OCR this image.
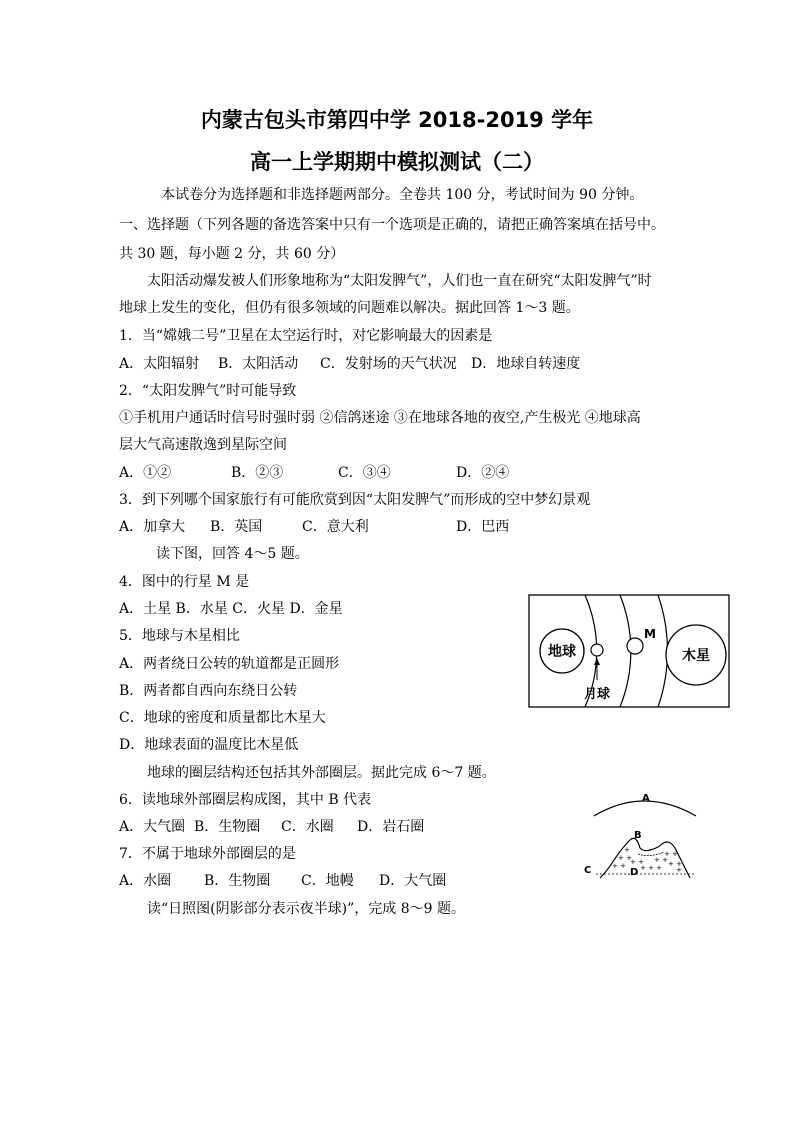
内蒙古包头市第四中学 2018-2019 学年
高一上学期期中模拟测试（二）
本试卷分为选择题和非选择题两部分。全卷共 100 分，考试时间为 90 分钟。
一、选择题（下列各题的备选答案中只有一个选项是正确的，请把正确答案填在括号中。
共 30 题，每小题 2 分，共 60 分）
太阳活动爆发被人们形象地称为“太阳发脾气”，人们也一直在研究“太阳发脾气”时
地球上发生的变化，但仍有很多领域的问题难以解决。据此回答 1～3 题。
1．当“嫦娥二号”卫星在太空运行时，对它影响最大的因素是
A．太阳辐射 B．太阳活动 C．发射场的天气状况 D．地球自转速度
2．“太阳发脾气”时可能导致
①手机用户通话时信号时强时弱 ②信鸽迷途 ③在地球各地的夜空,产生极光 ④地球高
层大气高速散逸到星际空间
A．①②	B．②③	C．③④	D．②④
3．到下列哪个国家旅行有可能欣赏到因“太阳发脾气”而形成的空中梦幻景观
A．加拿大 B．英国	C．意大利	D．巴西
读下图，回答 4～5 题。
4．图中的行星 M 是
A．土星 B．水星 C．火星 D．金星
5．地球与木星相比
A．两者绕日公转的轨道都是正圆形
B．两者都自西向东绕日公转
C．地球的密度和质量都比木星大
D．地球表面的温度比木星低
地球的圈层结构还包括其外部圈层。据此完成 6～7 题。
6．读地球外部圈层构成图，其中 B 代表
A．大气圈 B．生物圈 C．水圈 D．岩石圈
7．不属于地球外部圈层的是
A．水圈 B．生物圈 C．地幔 D．大气圈
读“日照图(阴影部分表示夜半球)”，完成 8～9 题。
地球
月球
M
木星
A
+ +
+ +
+
+ +
+ + +
+ +
+ +
+
+ +
B
C	D
